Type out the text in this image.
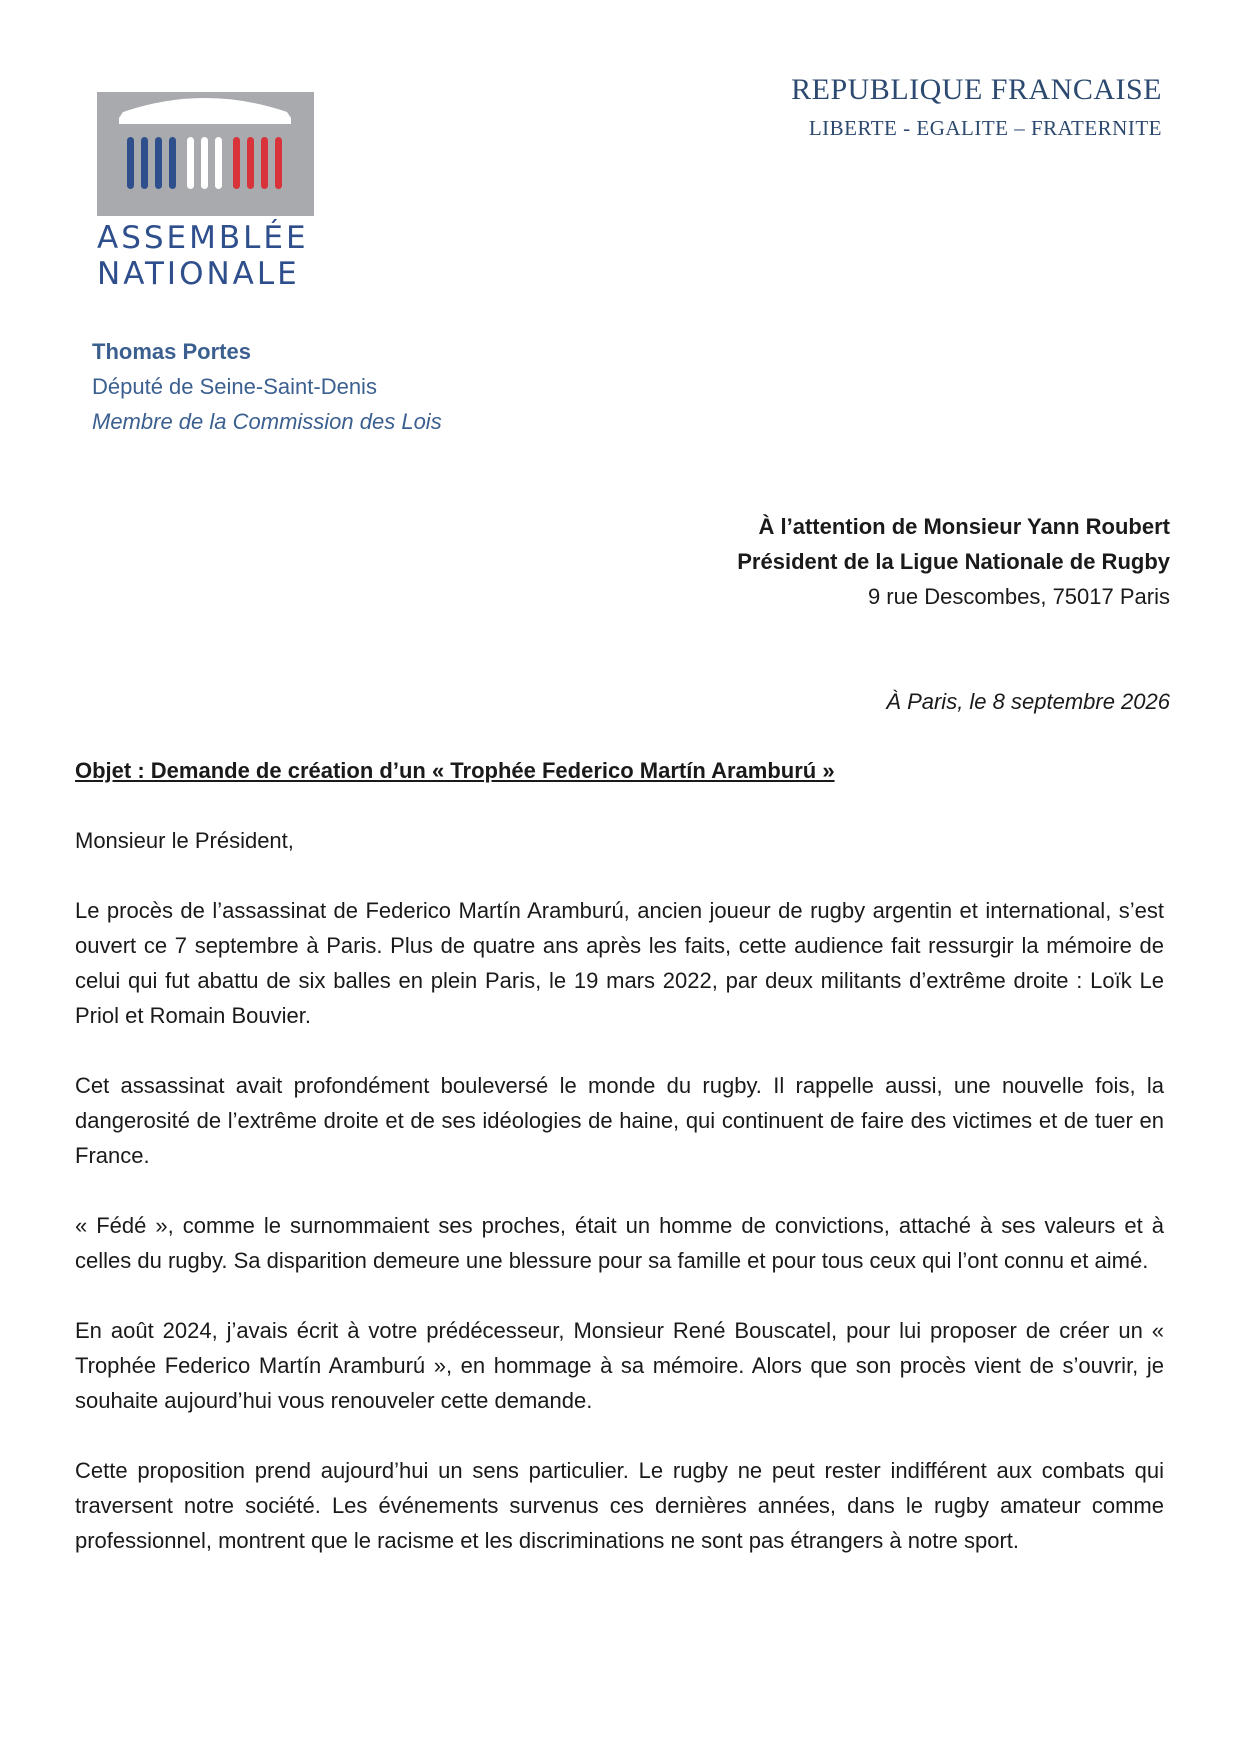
ASSEMBLÉE
NATIONALE
REPUBLIQUE FRANCAISE
LIBERTE - EGALITE – FRATERNITE
Thomas Portes
Député de Seine-Saint-Denis
Membre de la Commission des Lois
À l’attention de Monsieur Yann Roubert
Président de la Ligue Nationale de Rugby
9 rue Descombes, 75017 Paris
À Paris, le 8 septembre 2026

Objet : Demande de création d’un « Trophée Federico Martín Aramburú »

Monsieur le Président,

Le procès de l’assassinat de Federico Martín Aramburú, ancien joueur de rugby argentin et international, s’est ouvert ce 7 septembre à Paris. Plus de quatre ans après les faits, cette audience fait ressurgir la mémoire de celui qui fut abattu de six balles en plein Paris, le 19 mars 2022, par deux militants d’extrême droite : Loïk Le Priol et Romain Bouvier.

Cet assassinat avait profondément bouleversé le monde du rugby. Il rappelle aussi, une nouvelle fois, la dangerosité de l’extrême droite et de ses idéologies de haine, qui continuent de faire des victimes et de tuer en France.

« Fédé », comme le surnommaient ses proches, était un homme de convictions, attaché à ses valeurs et à celles du rugby. Sa disparition demeure une blessure pour sa famille et pour tous ceux qui l’ont connu et aimé.

En août 2024, j’avais écrit à votre prédécesseur, Monsieur René Bouscatel, pour lui proposer de créer un « Trophée Federico Martín Aramburú », en hommage à sa mémoire. Alors que son procès vient de s’ouvrir, je souhaite aujourd’hui vous renouveler cette demande.

Cette proposition prend aujourd’hui un sens particulier. Le rugby ne peut rester indifférent aux combats qui traversent notre société. Les événements survenus ces dernières années, dans le rugby amateur comme professionnel, montrent que le racisme et les discriminations ne sont pas étrangers à notre sport.
